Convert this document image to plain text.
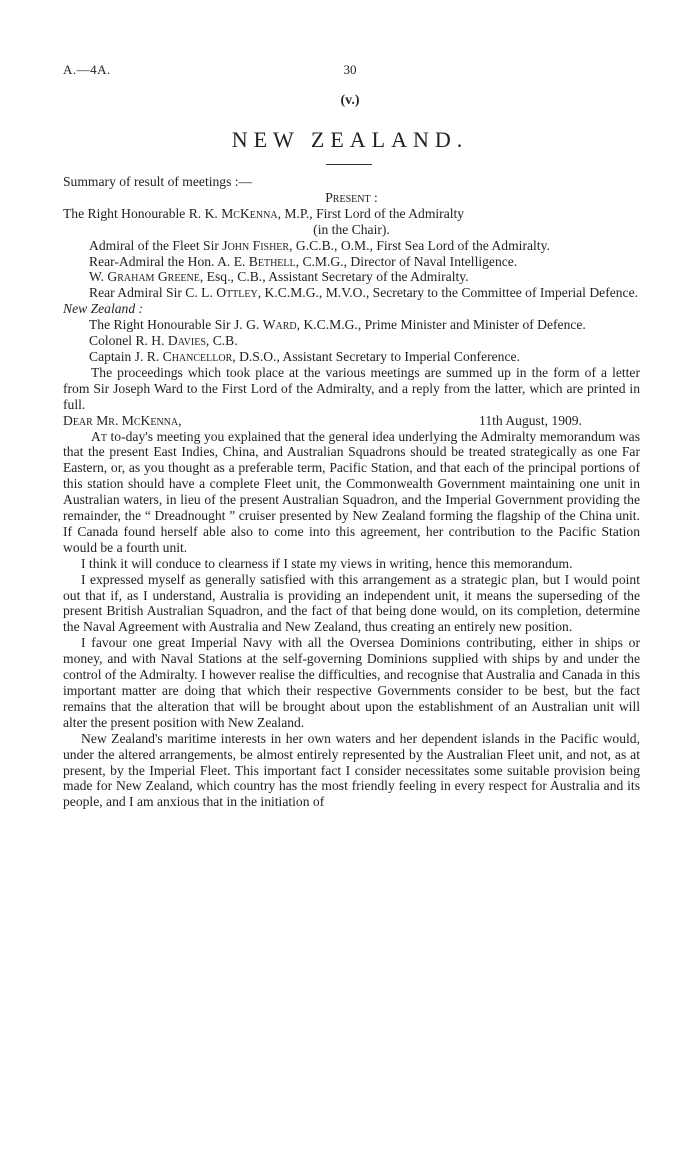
A.—4A.	30
(v.)
NEW ZEALAND.

Summary of result of meetings :—

Present :

The Right Honourable R. K. McKenna, M.P., First Lord of the Admiralty

(in the Chair).

Admiral of the Fleet Sir John Fisher, G.C.B., O.M., First Sea Lord of the Admiralty.

Rear-Admiral the Hon. A. E. Bethell, C.M.G., Director of Naval Intelligence.

W. Graham Greene, Esq., C.B., Assistant Secretary of the Admiralty.

Rear Admiral Sir C. L. Ottley, K.C.M.G., M.V.O., Secretary to the Committee of Imperial Defence.

New Zealand :

The Right Honourable Sir J. G. Ward, K.C.M.G., Prime Minister and Minister of Defence.

Colonel R. H. Davies, C.B.

Captain J. R. Chancellor, D.S.O., Assistant Secretary to Imperial Conference.

The proceedings which took place at the various meetings are summed up in the form of a letter from Sir Joseph Ward to the First Lord of the Admiralty, and a reply from the latter, which are printed in full.

Dear Mr. McKenna,	11th August, 1909.

At to-day's meeting you explained that the general idea underlying the Admiralty memorandum was that the present East Indies, China, and Australian Squadrons should be treated strategically as one Far Eastern, or, as you thought as a preferable term, Pacific Station, and that each of the principal portions of this station should have a complete Fleet unit, the Commonwealth Government maintaining one unit in Australian waters, in lieu of the present Australian Squadron, and the Imperial Government providing the remainder, the “ Dreadnought ” cruiser presented by New Zealand forming the flagship of the China unit. If Canada found herself able also to come into this agreement, her contribution to the Pacific Station would be a fourth unit.

I think it will conduce to clearness if I state my views in writing, hence this memorandum.

I expressed myself as generally satisfied with this arrangement as a strategic plan, but I would point out that if, as I understand, Australia is providing an independent unit, it means the superseding of the present British Australian Squadron, and the fact of that being done would, on its completion, determine the Naval Agreement with Australia and New Zealand, thus creating an entirely new position.

I favour one great Imperial Navy with all the Oversea Dominions contributing, either in ships or money, and with Naval Stations at the self-governing Dominions supplied with ships by and under the control of the Admiralty. I however realise the difficulties, and recognise that Australia and Canada in this important matter are doing that which their respective Governments consider to be best, but the fact remains that the alteration that will be brought about upon the establishment of an Australian unit will alter the present position with New Zealand.

New Zealand's maritime interests in her own waters and her dependent islands in the Pacific would, under the altered arrangements, be almost entirely represented by the Australian Fleet unit, and not, as at present, by the Imperial Fleet. This important fact I consider necessitates some suitable provision being made for New Zealand, which country has the most friendly feeling in every respect for Australia and its people, and I am anxious that in the initiation of
